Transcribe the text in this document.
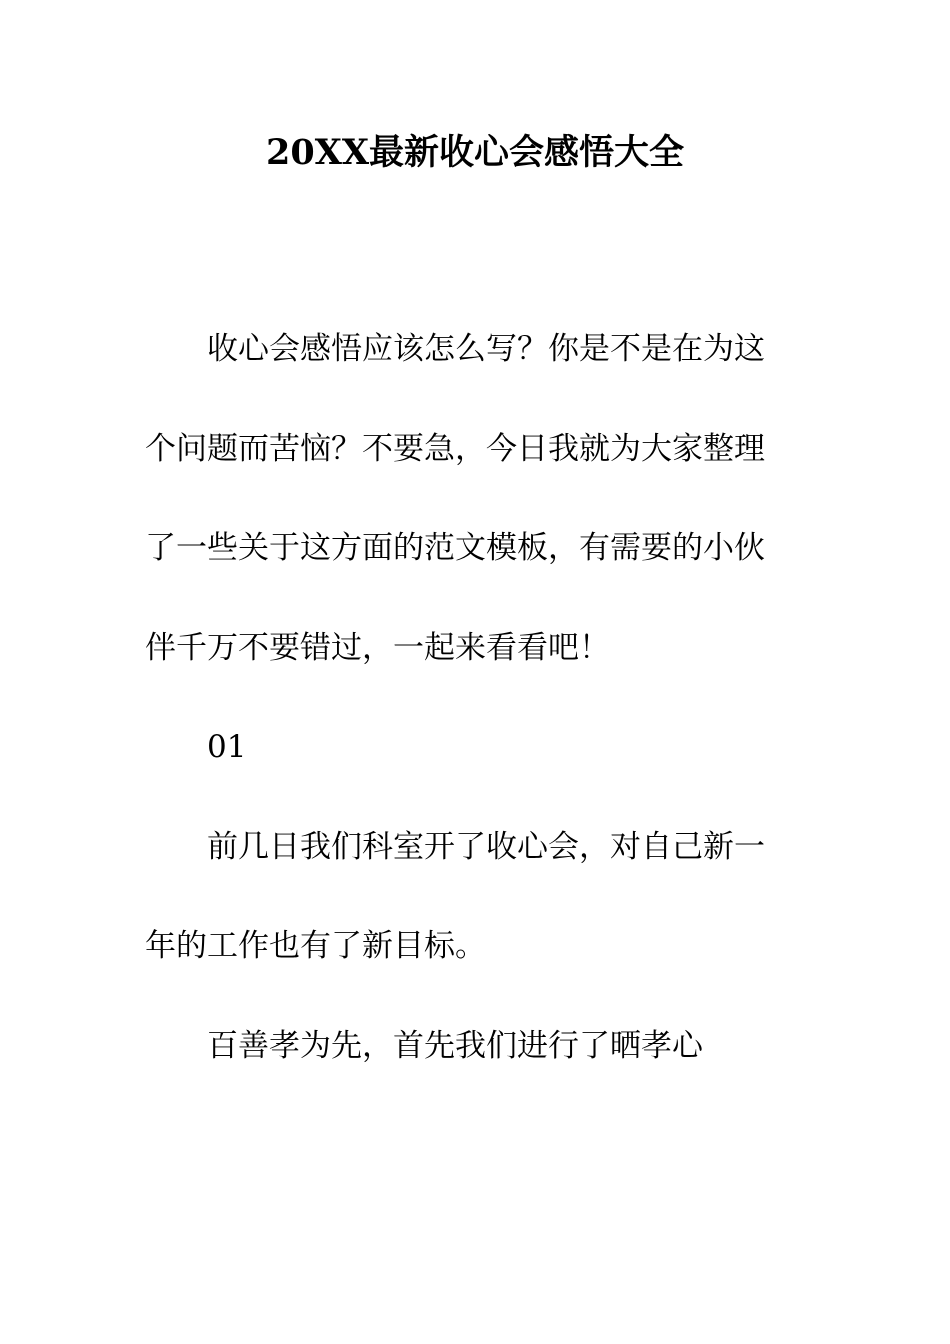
20XX最新收心会感悟大全

收心会感悟应该怎么写？你是不是在为这个问题而苦恼？不要急，今日我就为大家整理了一些关于这方面的范文模板，有需要的小伙伴千万不要错过，一起来看看吧！

01

前几日我们科室开了收心会，对自己新一年的工作也有了新目标。

百善孝为先，首先我们进行了晒孝心
